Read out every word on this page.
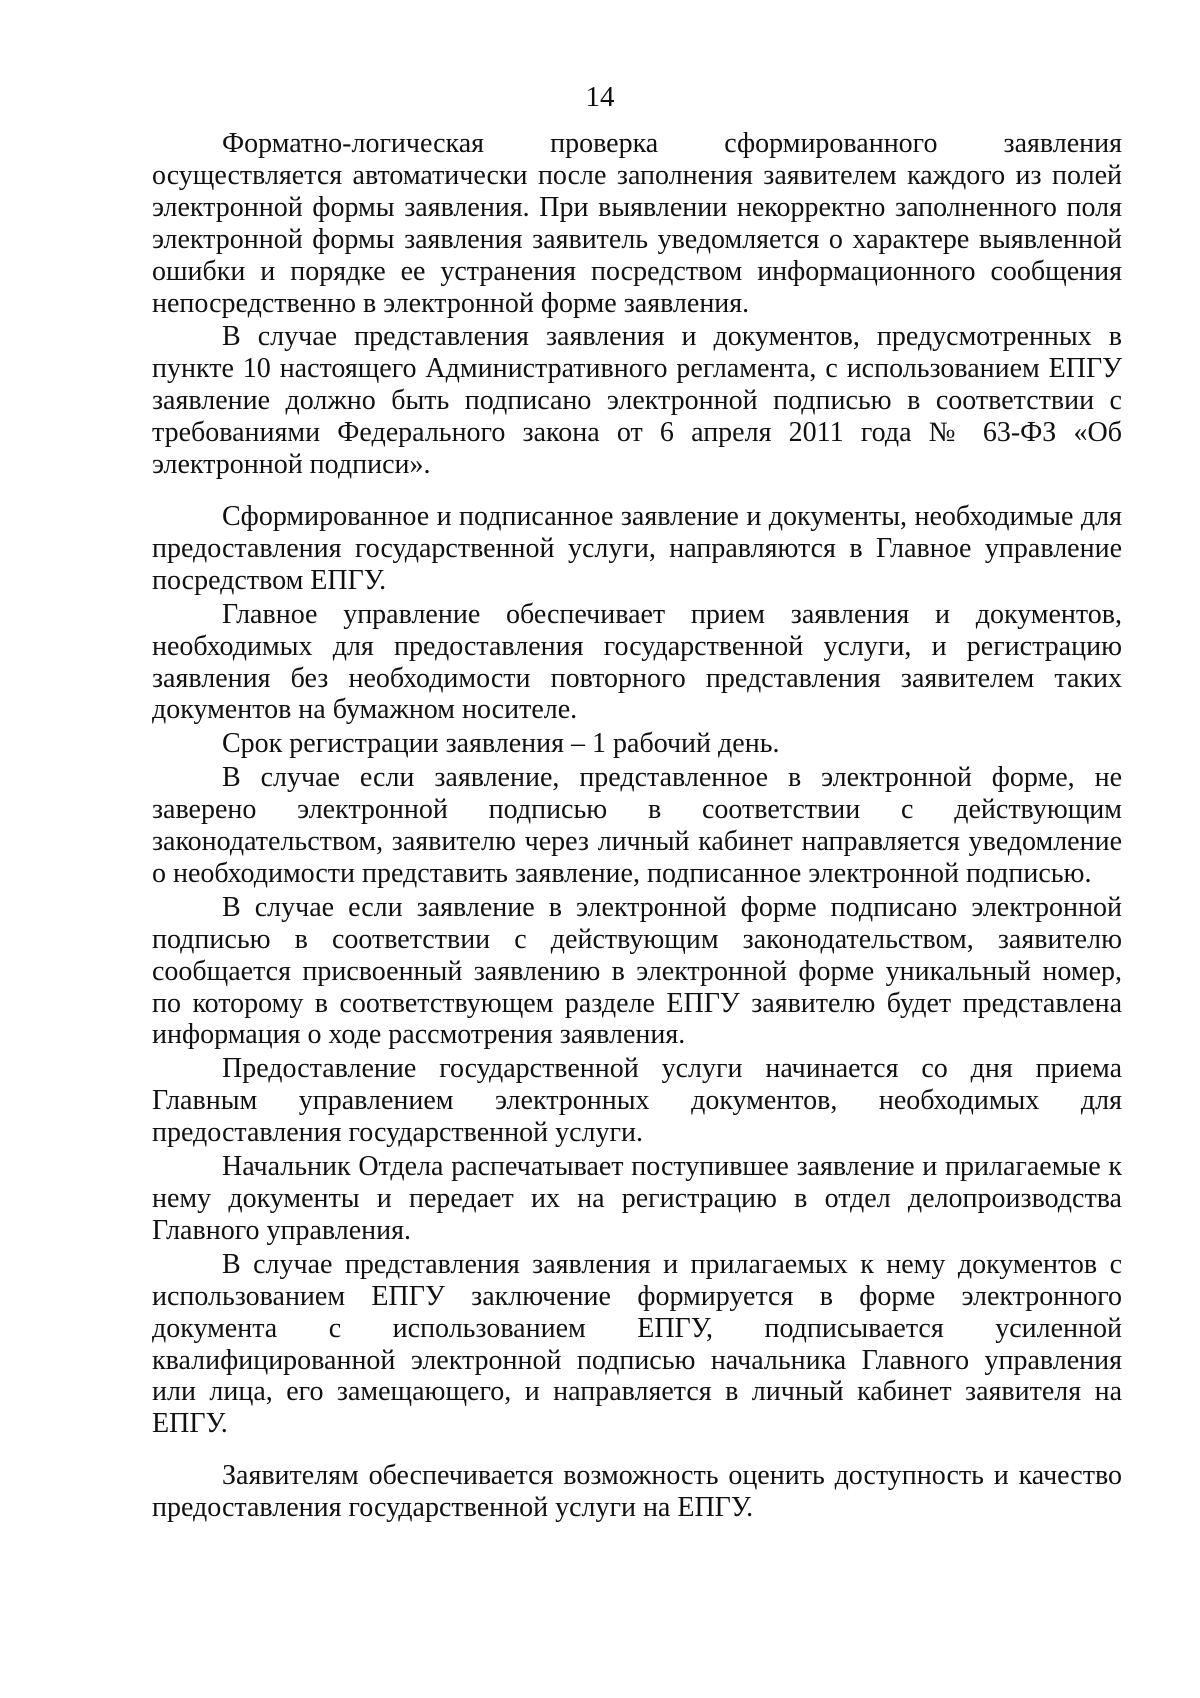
14

Форматно-логическая проверка сформированного заявления осуществляется автоматически после заполнения заявителем каждого из полей электронной формы заявления. При выявлении некорректно заполненного поля электронной формы заявления заявитель уведомляется о характере выявленной ошибки и порядке ее устранения посредством информационного сообщения непосредственно в электронной форме заявления.

В случае представления заявления и документов, предусмотренных в пункте 10 настоящего Административного регламента, с использованием ЕПГУ заявление должно быть подписано электронной подписью в соответствии с требованиями Федерального закона от 6 апреля 2011 года № 63-ФЗ «Об электронной подписи».

Сформированное и подписанное заявление и документы, необходимые для предоставления государственной услуги, направляются в Главное управление посредством ЕПГУ.

Главное управление обеспечивает прием заявления и документов, необходимых для предоставления государственной услуги, и регистрацию заявления без необходимости повторного представления заявителем таких документов на бумажном носителе.

Срок регистрации заявления – 1 рабочий день.

В случае если заявление, представленное в электронной форме, не заверено электронной подписью в соответствии с действующим законодательством, заявителю через личный кабинет направляется уведомление о необходимости представить заявление, подписанное электронной подписью.

В случае если заявление в электронной форме подписано электронной подписью в соответствии с действующим законодательством, заявителю сообщается присвоенный заявлению в электронной форме уникальный номер, по которому в соответствующем разделе ЕПГУ заявителю будет представлена информация о ходе рассмотрения заявления.

Предоставление государственной услуги начинается со дня приема Главным управлением электронных документов, необходимых для предоставления государственной услуги.

Начальник Отдела распечатывает поступившее заявление и прилагаемые к нему документы и передает их на регистрацию в отдел делопроизводства Главного управления.

В случае представления заявления и прилагаемых к нему документов с использованием ЕПГУ заключение формируется в форме электронного документа с использованием ЕПГУ, подписывается усиленной квалифицированной электронной подписью начальника Главного управления или лица, его замещающего, и направляется в личный кабинет заявителя на ЕПГУ.

Заявителям обеспечивается возможность оценить доступность и качество предоставления государственной услуги на ЕПГУ.
